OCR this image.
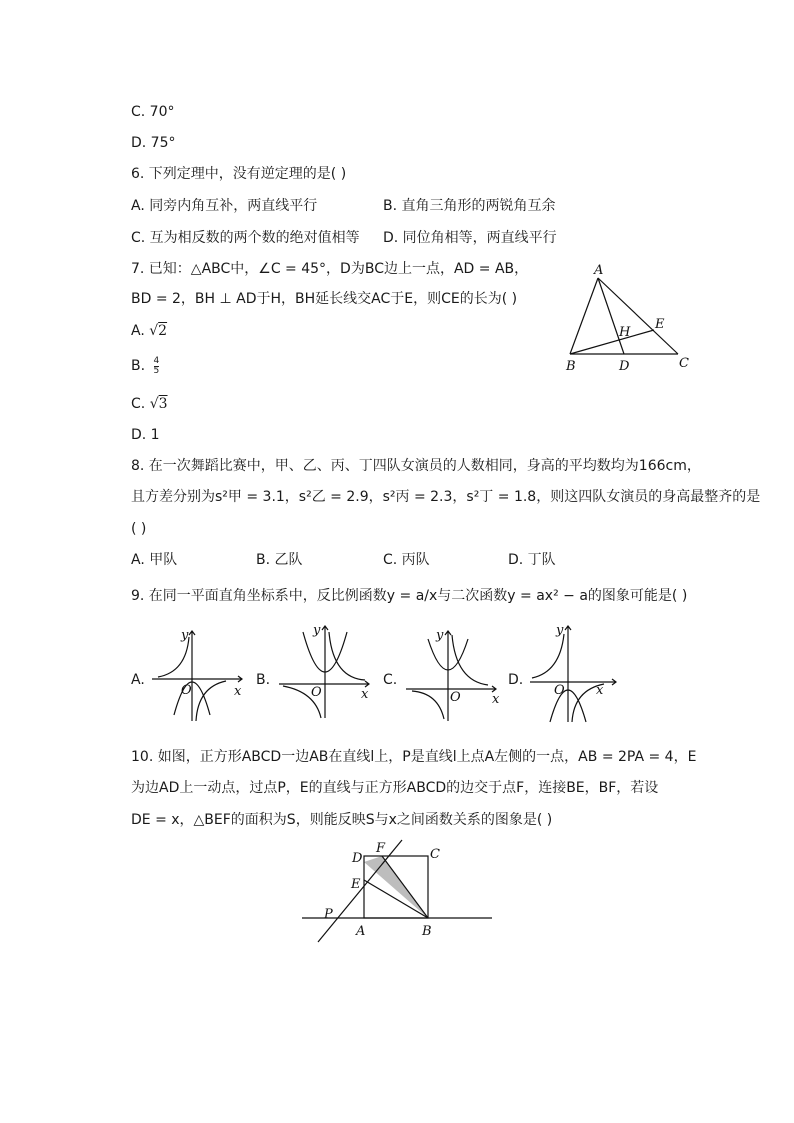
C. 70°
D. 75°
6. 下列定理中，没有逆定理的是( )
A. 同旁内角互补，两直线平行	B. 直角三角形的两锐角互余
C. 互为相反数的两个数的绝对值相等 D. 同位角相等，两直线平行
7. 已知：△ABC中，∠C = 45°，D为BC边上一点，AD = AB，
BD = 2，BH ⊥ AD于H，BH延长线交AC于E，则CE的长为( )
A. √2
B. $\frac{4}{5}$
C. √3
D. 1
A
B	C
D
E
H
8. 在一次舞蹈比赛中，甲、乙、丙、丁四队女演员的人数相同，身高的平均数均为166cm，
且方差分别为s²甲 = 3.1，s²乙 = 2.9，s²丙 = 2.3，s²丁 = 1.8，则这四队女演员的身高最整齐的是
( )
A. 甲队	B. 乙队	C. 丙队	D. 丁队
9. 在同一平面直角坐标系中，反比例函数y = a/x与二次函数y = ax² − a的图象可能是( )
A.	B.	C.	D.
O	x
y
O	x
y
O x
y
O x
y
10. 如图，正方形ABCD一边AB在直线l上，P是直线l上点A左侧的一点，AB = 2PA = 4，E
为边AD上一动点，过点P，E的直线与正方形ABCD的边交于点F，连接BE，BF，若设
DE = x，△BEF的面积为S，则能反映S与x之间函数关系的图象是( )
P
A	B
C
D
E
F
